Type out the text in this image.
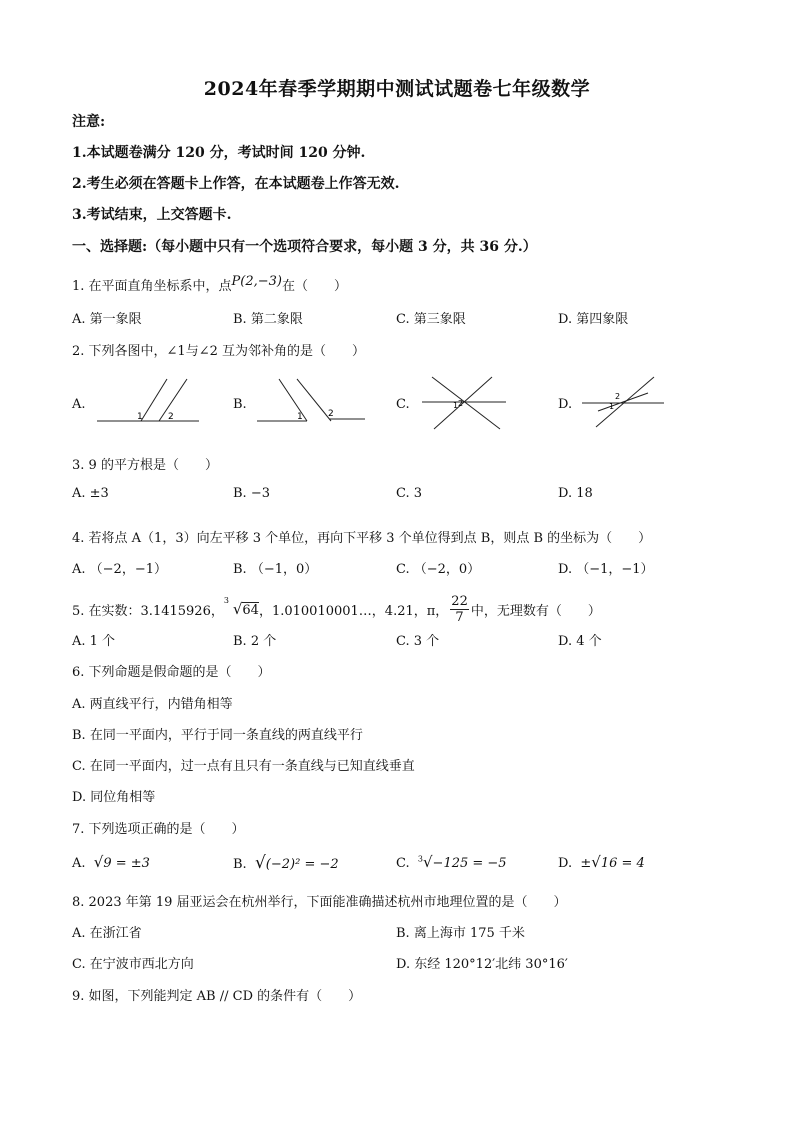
2024年春季学期期中测试试题卷七年级数学
注意:
1.本试题卷满分 120 分，考试时间 120 分钟.
2.考生必须在答题卡上作答，在本试题卷上作答无效.
3.考试结束，上交答题卡.
一、选择题:（每小题中只有一个选项符合要求，每小题 3 分，共 36 分.）
1. 在平面直角坐标系中，点P(2,−3)在（　　）
A. 第一象限	B. 第二象限	C. 第三象限	D. 第四象限
2. 下列各图中，∠1与∠2 互为邻补角的是（　　）
A.	B.	C.	D.
1	2	1	2
1 2	1
2
3. 9 的平方根是（　　）
A. ±3	B. −3	C. 3	D. 18
4. 若将点 A（1，3）向左平移 3 个单位，再向下平移 3 个单位得到点 B，则点 B 的坐标为（　　）
A. （−2，−1）	B. （−1，0）	C. （−2，0）	D. （−1，−1）
5. 在实数：3.1415926，
3 √64 ，1.010010001…，4.21，π，
22
7 中，无理数有（　　）
A. 1 个	B. 2 个	C. 3 个	D. 4 个
6. 下列命题是假命题的是（　　）
A. 两直线平行，内错角相等
B. 在同一平面内，平行于同一条直线的两直线平行
C. 在同一平面内，过一点有且只有一条直线与已知直线垂直
D. 同位角相等
7. 下列选项正确的是（　　）
A. √9 = ±3	B. √(−2)² = −2	C. $^3$√−125 = −5	D. ±√16 = 4
8. 2023 年第 19 届亚运会在杭州举行，下面能准确描述杭州市地理位置的是（　　）
A. 在浙江省	B. 离上海市 175 千米
C. 在宁波市西北方向	D. 东经 120°12′北纬 30°16′
9. 如图，下列能判定 AB // CD 的条件有（　　）
